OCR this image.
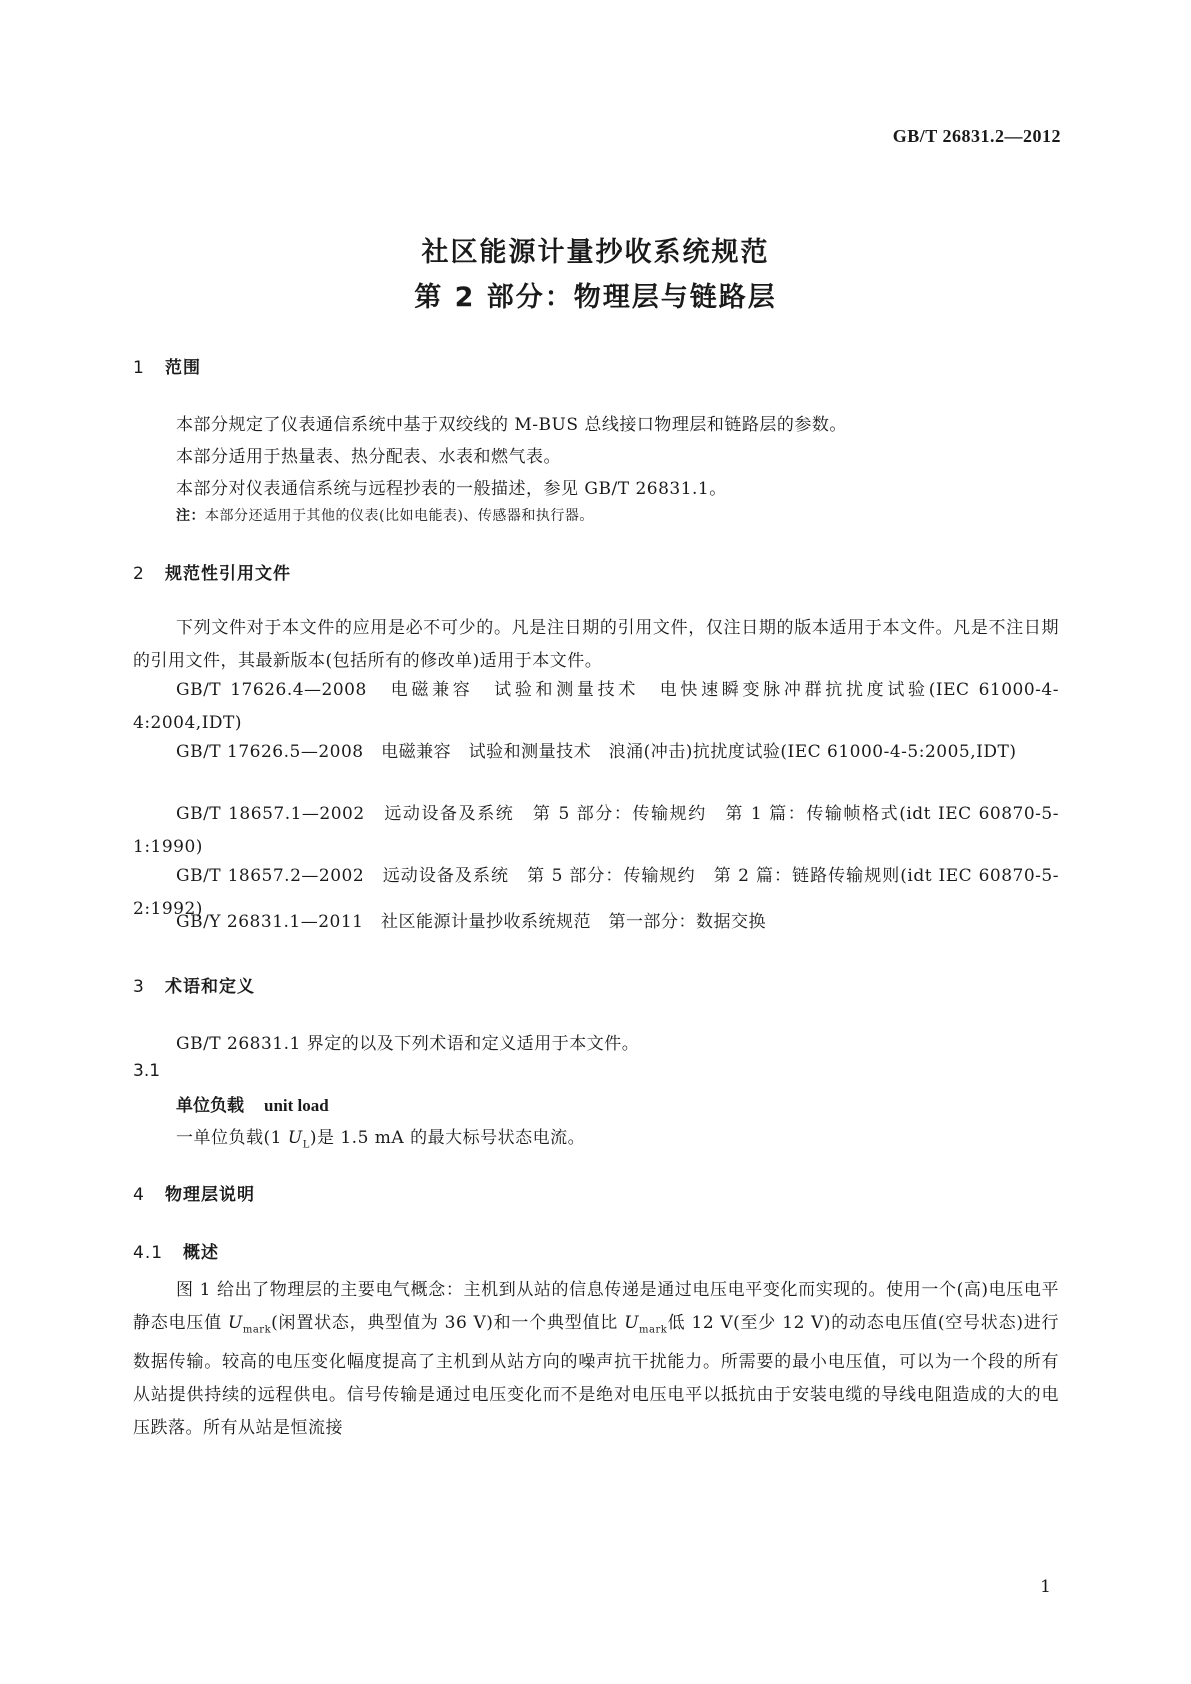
GB/T 26831.2—2012
社区能源计量抄收系统规范
第 2 部分：物理层与链路层
1 范围
本部分规定了仪表通信系统中基于双绞线的 M-BUS 总线接口物理层和链路层的参数。
本部分适用于热量表、热分配表、水表和燃气表。
本部分对仪表通信系统与远程抄表的一般描述，参见 GB/T 26831.1。
注：本部分还适用于其他的仪表(比如电能表)、传感器和执行器。
2 规范性引用文件
下列文件对于本文件的应用是必不可少的。凡是注日期的引用文件，仅注日期的版本适用于本文件。凡是不注日期的引用文件，其最新版本(包括所有的修改单)适用于本文件。
GB/T 17626.4—2008　电磁兼容　试验和测量技术　电快速瞬变脉冲群抗扰度试验(IEC 61000-4-4:2004,IDT)
GB/T 17626.5—2008　电磁兼容　试验和测量技术　浪涌(冲击)抗扰度试验(IEC 61000-4-5:2005,IDT)
GB/T 18657.1—2002　远动设备及系统　第 5 部分：传输规约　第 1 篇：传输帧格式(idt IEC 60870-5-1:1990)
GB/T 18657.2—2002　远动设备及系统　第 5 部分：传输规约　第 2 篇：链路传输规则(idt IEC 60870-5-2:1992)
GB/Y 26831.1—2011　社区能源计量抄收系统规范　第一部分：数据交换
3 术语和定义
GB/T 26831.1 界定的以及下列术语和定义适用于本文件。
3.1
单位负载 unit load
一单位负载(1 $U_L$)是 1.5 mA 的最大标号状态电流。
4 物理层说明
4.1 概述
图 1 给出了物理层的主要电气概念：主机到从站的信息传递是通过电压电平变化而实现的。使用一个(高)电压电平静态电压值 $U_{mark}$(闲置状态，典型值为 36 V)和一个典型值比 $U_{mark}$低 12 V(至少 12 V)的动态电压值(空号状态)进行数据传输。较高的电压变化幅度提高了主机到从站方向的噪声抗干扰能力。所需要的最小电压值，可以为一个段的所有从站提供持续的远程供电。信号传输是通过电压变化而不是绝对电压电平以抵抗由于安装电缆的导线电阻造成的大的电压跌落。所有从站是恒流接
1
